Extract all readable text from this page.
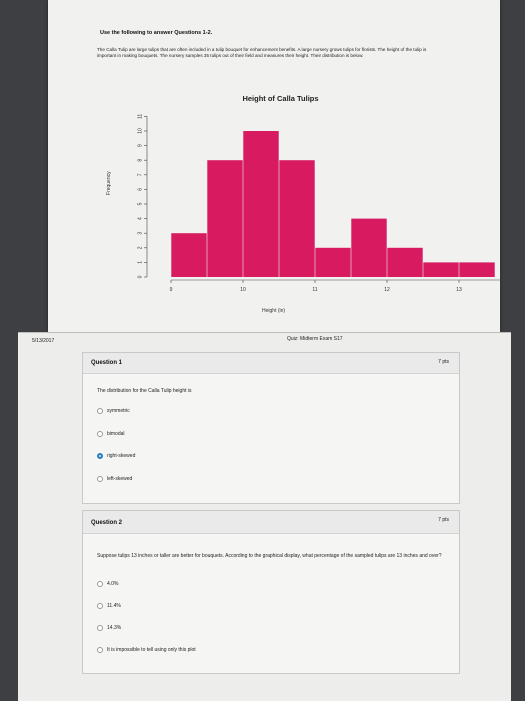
Use the following to answer Questions 1-2.
The Calla Tulip are large tulips that are often included in a tulip bouquet for enhancement benefits. A large nursery grows tulips for florists. The height of the tulip is important in making bouquets. The nursery samples 35 tulips out of their field and measures their height. Their distribution is below.
Height of Calla Tulips
9	10	11	12	13
0
1
2
3
4
5
6
7
8
9
10
11
Frequency
Height (in)
5/13/2017	Quiz: Midterm Exam S17
Question 1	7 pts
The distribution for the Calla Tulip height is
symmetric
bimodal
right-skewed
left-skewed
Question 2	7 pts
Suppose tulips 13 inches or taller are better for bouquets. According to the graphical display, what percentage of the sampled tulips are 13 inches and over?
4.0%
11.4%
14.3%
It is impossible to tell using only this plot
